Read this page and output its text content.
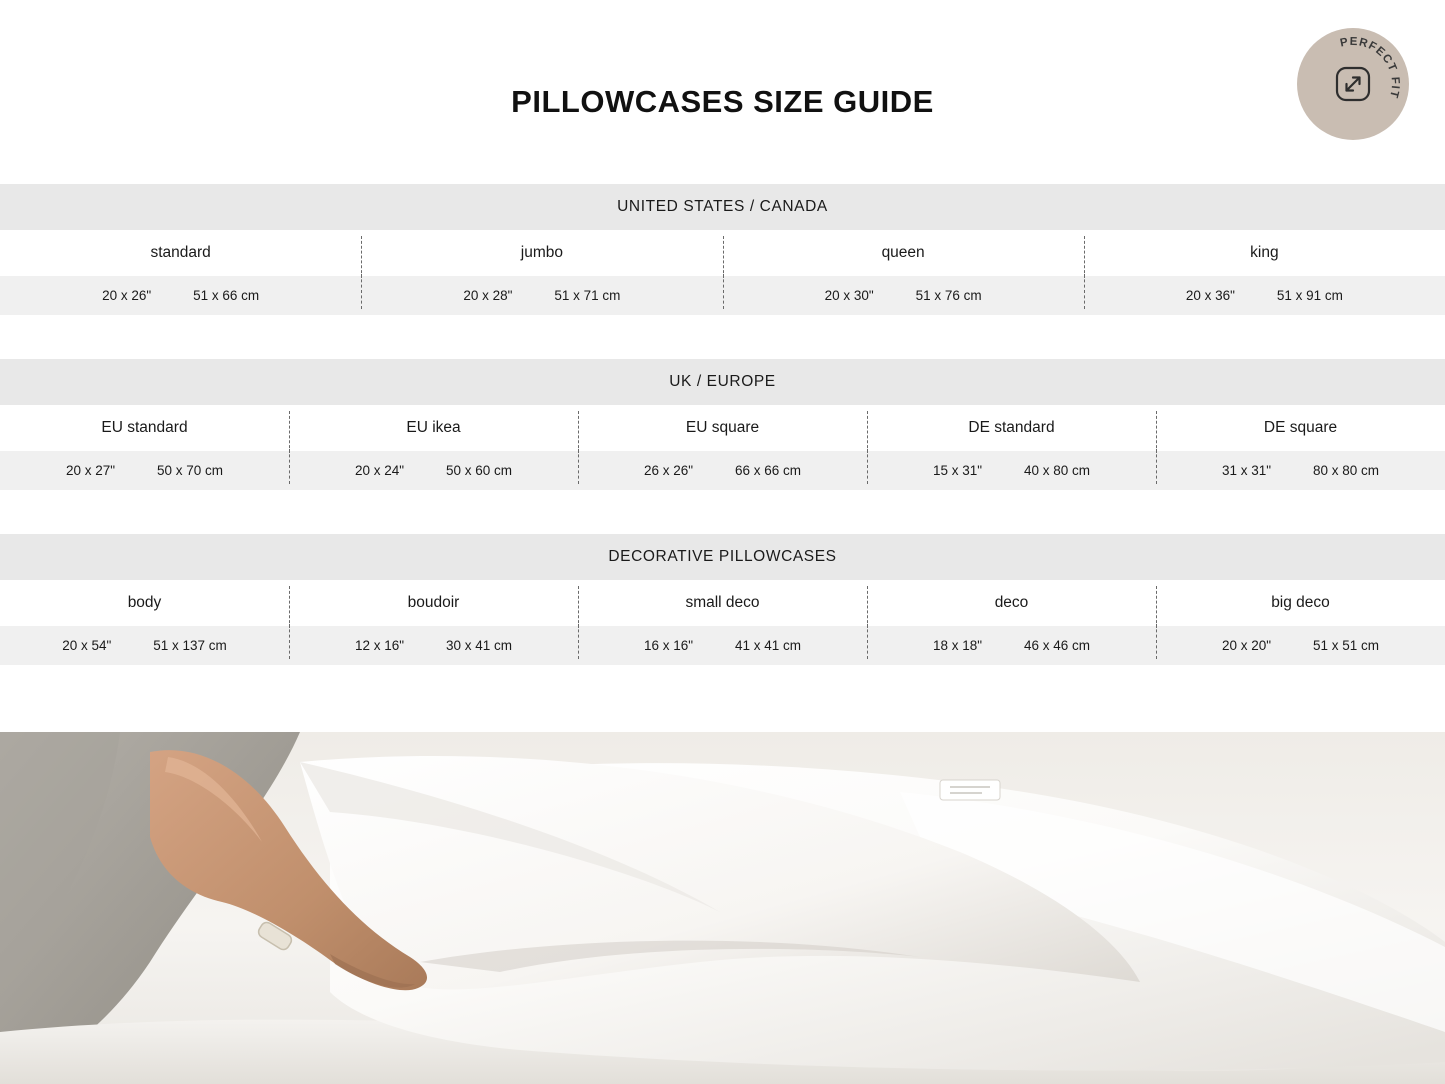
PILLOWCASES SIZE GUIDE
PERFECT FIT
UNITED STATES / CANADA
standard	jumbo	queen	king
20 x 26"	51 x 66 cm	20 x 28"	51 x 71 cm	20 x 30"	51 x 76 cm	20 x 36"	51 x 91 cm
UK / EUROPE
EU standard	EU ikea	EU square	DE standard	DE square
20 x 27"	50 x 70 cm	20 x 24"	50 x 60 cm	26 x 26"	66 x 66 cm	15 x 31"	40 x 80 cm	31 x 31"	80 x 80 cm
DECORATIVE PILLOWCASES
body	boudoir	small deco	deco	big deco
20 x 54"	51 x 137 cm	12 x 16"	30 x 41 cm	16 x 16"	41 x 41 cm	18 x 18"	46 x 46 cm	20 x 20"	51 x 51 cm
